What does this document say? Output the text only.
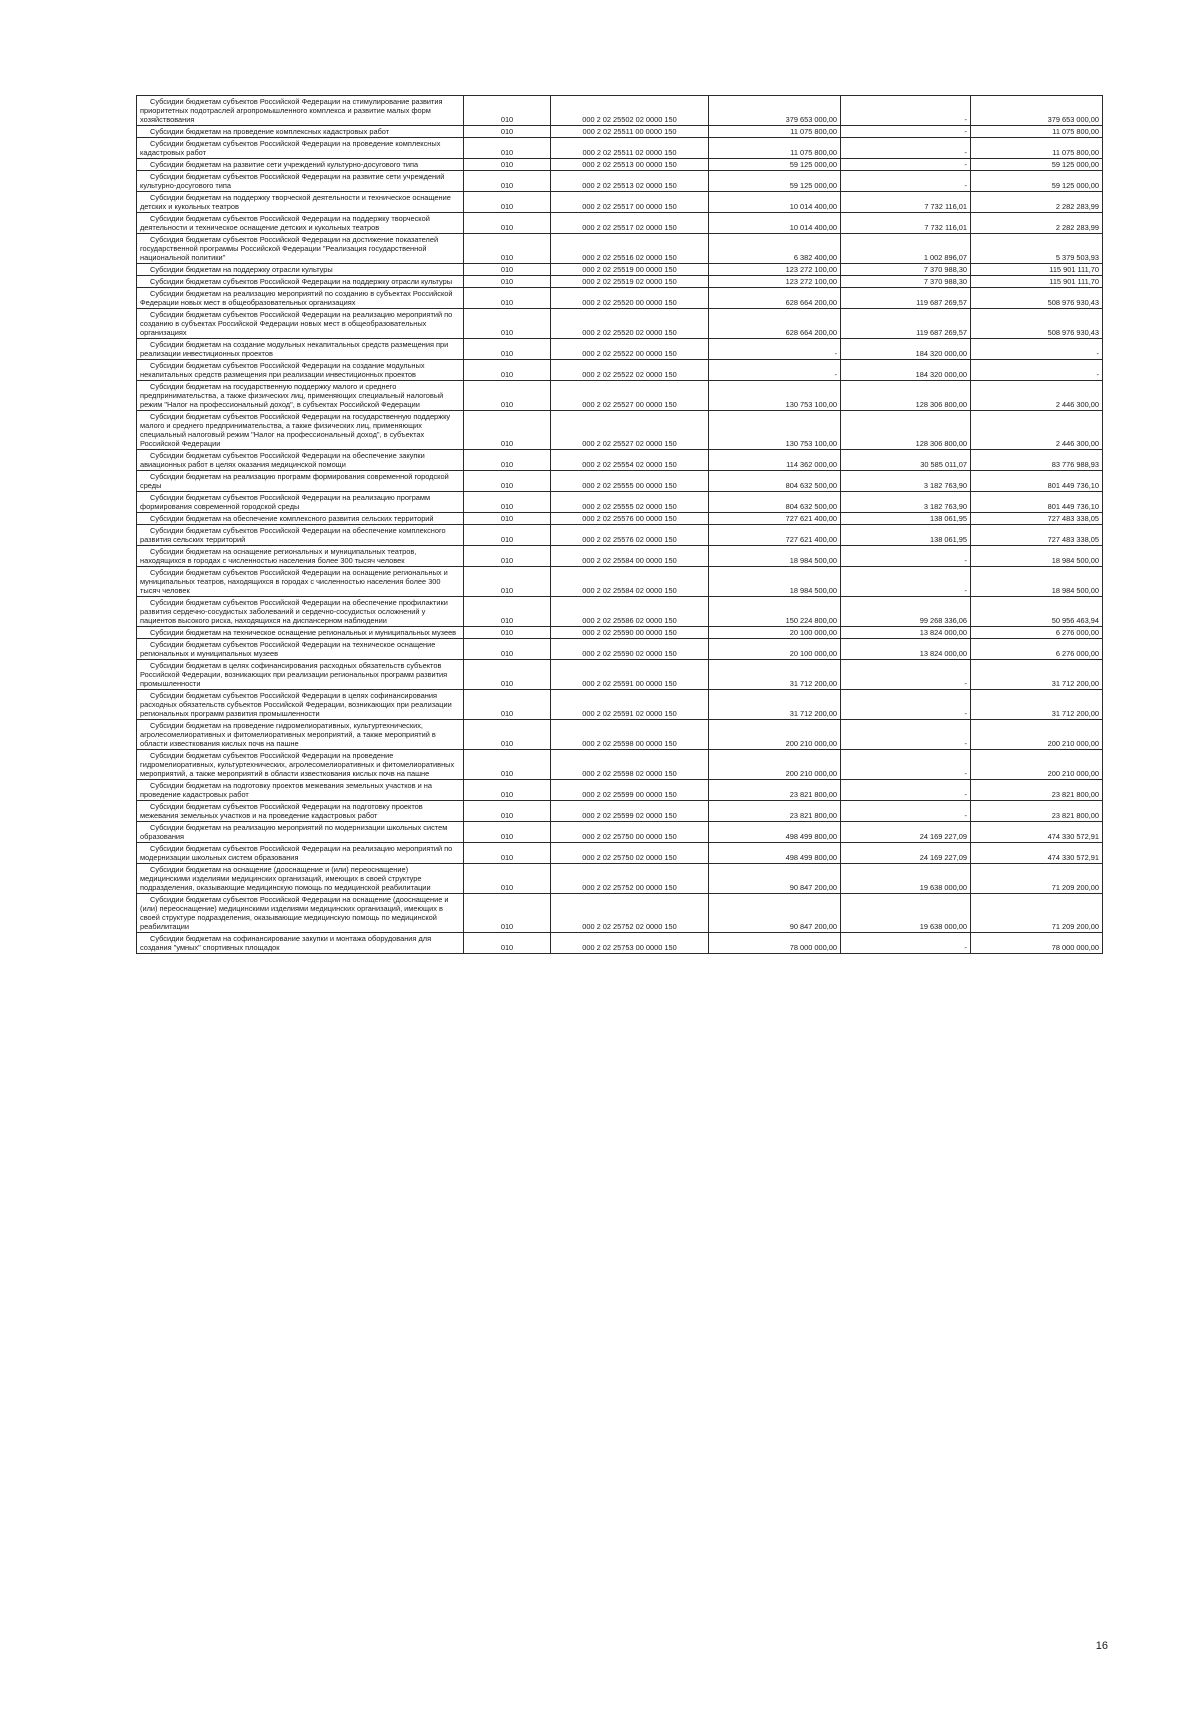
Субсидии бюджетам субъектов Российской Федерации на стимулирование развития приоритетных подотраслей агропромышленного комплекса и развитие малых форм хозяйствования	010	000 2 02 25502 02 0000 150	379 653 000,00	-	379 653 000,00

Субсидии бюджетам на проведение комплексных кадастровых работ	010	000 2 02 25511 00 0000 150	11 075 800,00	-	11 075 800,00

Субсидии бюджетам субъектов Российской Федерации на проведение комплексных кадастровых работ	010	000 2 02 25511 02 0000 150	11 075 800,00	-	11 075 800,00

Субсидии бюджетам на развитие сети учреждений культурно-досугового типа	010	000 2 02 25513 00 0000 150	59 125 000,00	-	59 125 000,00

Субсидии бюджетам субъектов Российской Федерации на развитие сети учреждений культурно-досугового типа	010	000 2 02 25513 02 0000 150	59 125 000,00	-	59 125 000,00

Субсидии бюджетам на поддержку творческой деятельности и техническое оснащение детских и кукольных театров	010	000 2 02 25517 00 0000 150	10 014 400,00	7 732 116,01	2 282 283,99

Субсидии бюджетам субъектов Российской Федерации на поддержку творческой деятельности и техническое оснащение детских и кукольных театров	010	000 2 02 25517 02 0000 150	10 014 400,00	7 732 116,01	2 282 283,99

Субсидия бюджетам субъектов Российской Федерации на достижение показателей государственной программы Российской Федерации "Реализация государственной национальной политики"	010	000 2 02 25516 02 0000 150	6 382 400,00	1 002 896,07	5 379 503,93

Субсидии бюджетам на поддержку отрасли культуры	010	000 2 02 25519 00 0000 150	123 272 100,00	7 370 988,30	115 901 111,70

Субсидии бюджетам субъектов Российской Федерации на поддержку отрасли культуры	010	000 2 02 25519 02 0000 150	123 272 100,00	7 370 988,30	115 901 111,70

Субсидии бюджетам на реализацию мероприятий по созданию в субъектах Российской Федерации новых мест в общеобразовательных организациях	010	000 2 02 25520 00 0000 150	628 664 200,00	119 687 269,57	508 976 930,43

Субсидии бюджетам субъектов Российской Федерации на реализацию мероприятий по созданию в субъектах Российской Федерации новых мест в общеобразовательных организациях	010	000 2 02 25520 02 0000 150	628 664 200,00	119 687 269,57	508 976 930,43

Субсидии бюджетам на создание модульных некапитальных средств размещения при реализации инвестиционных проектов	010	000 2 02 25522 00 0000 150	-	184 320 000,00	-

Субсидии бюджетам субъектов Российской Федерации на создание модульных некапитальных средств размещения при реализации инвестиционных проектов	010	000 2 02 25522 02 0000 150	-	184 320 000,00	-

Субсидии бюджетам на государственную поддержку малого и среднего предпринимательства, а также физических лиц, применяющих специальный налоговый режим "Налог на профессиональный доход", в субъектах Российской Федерации	010	000 2 02 25527 00 0000 150	130 753 100,00	128 306 800,00	2 446 300,00

Субсидии бюджетам субъектов Российской Федерации на государственную поддержку малого и среднего предпринимательства, а также физических лиц, применяющих специальный налоговый режим "Налог на профессиональный доход", в субъектах Российской Федерации	010	000 2 02 25527 02 0000 150	130 753 100,00	128 306 800,00	2 446 300,00

Субсидии бюджетам субъектов Российской Федерации на обеспечение закупки авиационных работ в целях оказания медицинской помощи	010	000 2 02 25554 02 0000 150	114 362 000,00	30 585 011,07	83 776 988,93

Субсидии бюджетам на реализацию программ формирования современной городской среды	010	000 2 02 25555 00 0000 150	804 632 500,00	3 182 763,90	801 449 736,10

Субсидии бюджетам субъектов Российской Федерации на реализацию программ формирования современной городской среды	010	000 2 02 25555 02 0000 150	804 632 500,00	3 182 763,90	801 449 736,10

Субсидии бюджетам на обеспечение комплексного развития сельских территорий	010	000 2 02 25576 00 0000 150	727 621 400,00	138 061,95	727 483 338,05

Субсидии бюджетам субъектов Российской Федерации на обеспечение комплексного развития сельских территорий	010	000 2 02 25576 02 0000 150	727 621 400,00	138 061,95	727 483 338,05

Субсидии бюджетам на оснащение региональных и муниципальных театров, находящихся в городах с численностью населения более 300 тысяч человек	010	000 2 02 25584 00 0000 150	18 984 500,00	-	18 984 500,00

Субсидии бюджетам субъектов Российской Федерации на оснащение региональных и муниципальных театров, находящихся в городах с численностью населения более 300 тысяч человек	010	000 2 02 25584 02 0000 150	18 984 500,00	-	18 984 500,00

Субсидии бюджетам субъектов Российской Федерации на обеспечение профилактики развития сердечно-сосудистых заболеваний и сердечно-сосудистых осложнений у пациентов высокого риска, находящихся на диспансерном наблюдении	010	000 2 02 25586 02 0000 150	150 224 800,00	99 268 336,06	50 956 463,94

Субсидии бюджетам на техническое оснащение региональных и муниципальных музеев	010	000 2 02 25590 00 0000 150	20 100 000,00	13 824 000,00	6 276 000,00

Субсидии бюджетам субъектов Российской Федерации на техническое оснащение региональных и муниципальных музеев	010	000 2 02 25590 02 0000 150	20 100 000,00	13 824 000,00	6 276 000,00

Субсидии бюджетам в целях софинансирования расходных обязательств субъектов Российской Федерации, возникающих при реализации региональных программ развития промышленности	010	000 2 02 25591 00 0000 150	31 712 200,00	-	31 712 200,00

Субсидии бюджетам субъектов Российской Федерации в целях софинансирования расходных обязательств субъектов Российской Федерации, возникающих при реализации региональных программ развития промышленности	010	000 2 02 25591 02 0000 150	31 712 200,00	-	31 712 200,00

Субсидии бюджетам на проведение гидромелиоративных, культуртехнических, агролесомелиоративных и фитомелиоративных мероприятий, а также мероприятий в области известкования кислых почв на пашне	010	000 2 02 25598 00 0000 150	200 210 000,00	-	200 210 000,00

Субсидии бюджетам субъектов Российской Федерации на проведение гидромелиоративных, культуртехнических, агролесомелиоративных и фитомелиоративных мероприятий, а также мероприятий в области известкования кислых почв на пашне	010	000 2 02 25598 02 0000 150	200 210 000,00	-	200 210 000,00

Субсидии бюджетам на подготовку проектов межевания земельных участков и на проведение кадастровых работ	010	000 2 02 25599 00 0000 150	23 821 800,00	-	23 821 800,00

Субсидии бюджетам субъектов Российской Федерации на подготовку проектов межевания земельных участков и на проведение кадастровых работ	010	000 2 02 25599 02 0000 150	23 821 800,00	-	23 821 800,00

Субсидии бюджетам на реализацию мероприятий по модернизации школьных систем образования	010	000 2 02 25750 00 0000 150	498 499 800,00	24 169 227,09	474 330 572,91

Субсидии бюджетам субъектов Российской Федерации на реализацию мероприятий по модернизации школьных систем образования	010	000 2 02 25750 02 0000 150	498 499 800,00	24 169 227,09	474 330 572,91

Субсидии бюджетам на оснащение (дооснащение и (или) переоснащение) медицинскими изделиями медицинских организаций, имеющих в своей структуре подразделения, оказывающие медицинскую помощь по медицинской реабилитации	010	000 2 02 25752 00 0000 150	90 847 200,00	19 638 000,00	71 209 200,00

Субсидии бюджетам субъектов Российской Федерации на оснащение (дооснащение и (или) переоснащение) медицинскими изделиями медицинских организаций, имеющих в своей структуре подразделения, оказывающие медицинскую помощь по медицинской реабилитации	010	000 2 02 25752 02 0000 150	90 847 200,00	19 638 000,00	71 209 200,00

Субсидии бюджетам на софинансирование закупки и монтажа оборудования для создания "умных" спортивных площадок	010	000 2 02 25753 00 0000 150	78 000 000,00	-	78 000 000,00
16
